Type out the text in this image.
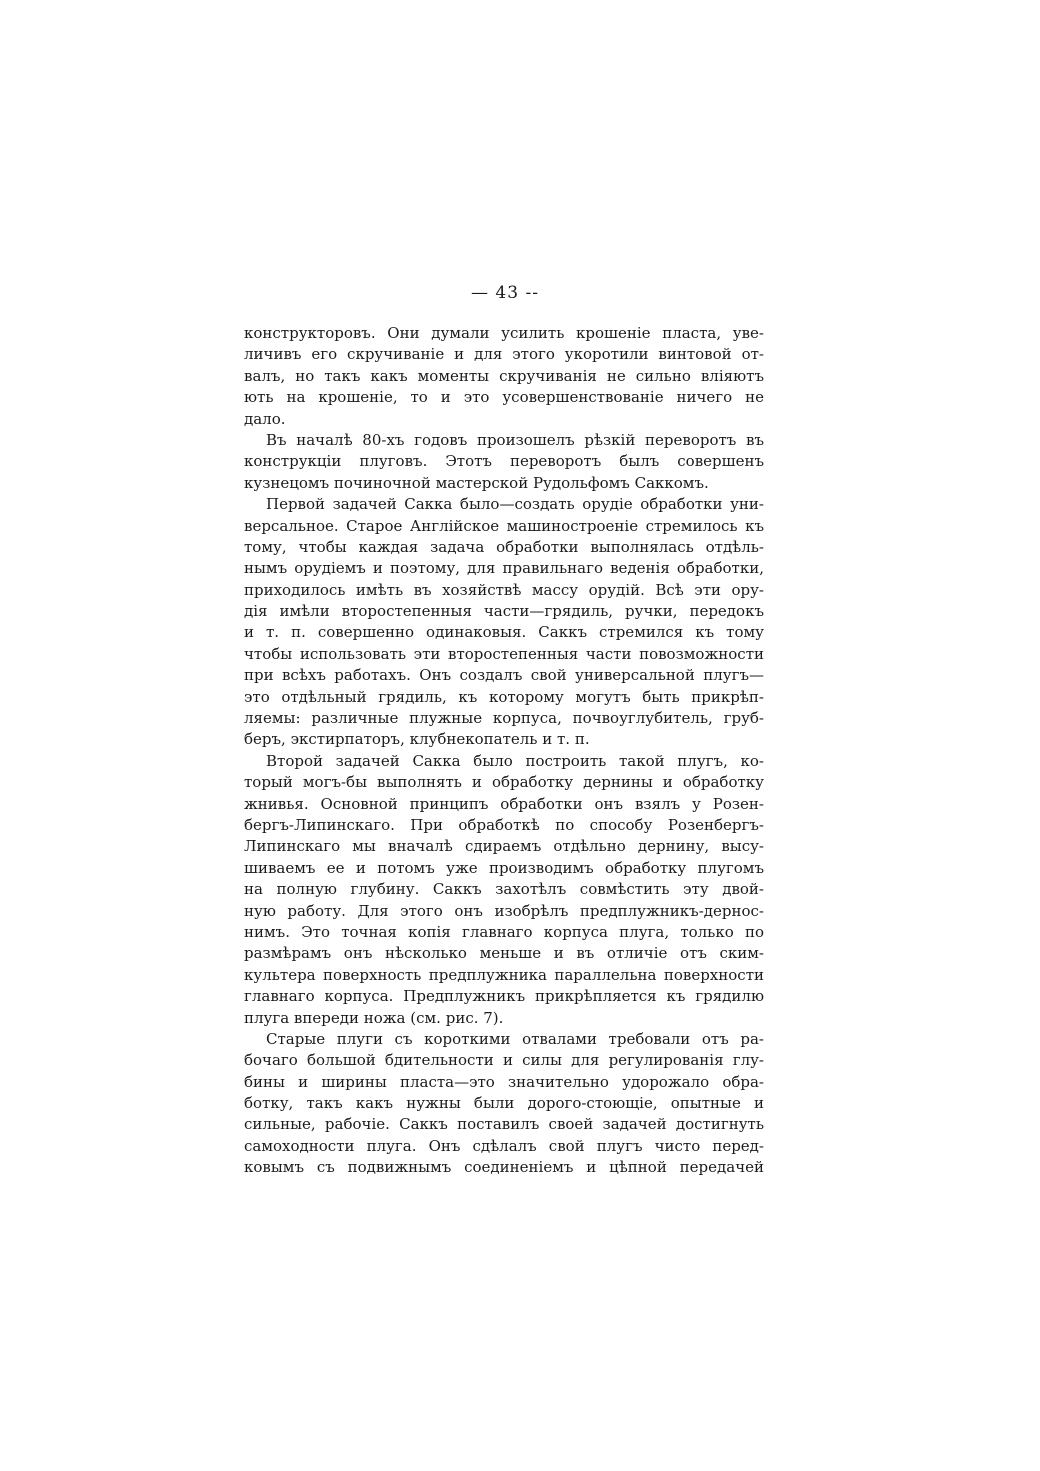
— 43 --
конструкторовъ. Они думали усилить крошеніе пласта, уве-
личивъ его скручиваніе и для этого укоротили винтовой от-
валъ, но такъ какъ моменты скручиванія не сильно вліяютъ
ють на крошеніе, то и это усовершенствованіе ничего не
дало.
Въ началѣ 80-хъ годовъ произошелъ рѣзкій переворотъ въ
конструкціи плуговъ. Этотъ переворотъ былъ совершенъ
кузнецомъ починочной мастерской Рудольфомъ Саккомъ.
Первой задачей Сакка было—создать орудіе обработки уни-
версальное. Старое Англійское машиностроеніе стремилось къ
тому, чтобы каждая задача обработки выполнялась отдѣль-
нымъ орудіемъ и поэтому, для правильнаго веденія обработки,
приходилось имѣть въ хозяйствѣ массу орудій. Всѣ эти ору-
дія имѣли второстепенныя части—грядиль, ручки, передокъ
и т. п. совершенно одинаковыя. Саккъ стремился къ тому
чтобы использовать эти второстепенныя части повозможности
при всѣхъ работахъ. Онъ создалъ свой универсальной плугъ—
это отдѣльный грядиль, къ которому могутъ быть прикрѣп-
ляемы: различные плужные корпуса, почвоуглубитель, груб-
беръ, экстирпаторъ, клубнекопатель и т. п.
Второй задачей Сакка было построить такой плугъ, ко-
торый могъ-бы выполнять и обработку дернины и обработку
жнивья. Основной принципъ обработки онъ взялъ у Розен-
бергъ-Липинскаго. При обработкѣ по способу Розенбергъ-
Липинскаго мы вначалѣ сдираемъ отдѣльно дернину, высу-
шиваемъ ее и потомъ уже производимъ обработку плугомъ
на полную глубину. Саккъ захотѣлъ совмѣстить эту двой-
ную работу. Для этого онъ изобрѣлъ предплужникъ-дернос-
нимъ. Это точная копія главнаго корпуса плуга, только по
размѣрамъ онъ нѣсколько меньше и въ отличіе отъ ским-
культера поверхность предплужника параллельна поверхности
главнаго корпуса. Предплужникъ прикрѣпляется къ грядилю
плуга впереди ножа (см. рис. 7).
Старые плуги съ короткими отвалами требовали отъ ра-
бочаго большой бдительности и силы для регулированія глу-
бины и ширины пласта—это значительно удорожало обра-
ботку, такъ какъ нужны были дорого-стоющіе, опытные и
сильные, рабочіе. Саккъ поставилъ своей задачей достигнуть
самоходности плуга. Онъ сдѣлалъ свой плугъ чисто перед-
ковымъ съ подвижнымъ соединеніемъ и цѣпной передачей
